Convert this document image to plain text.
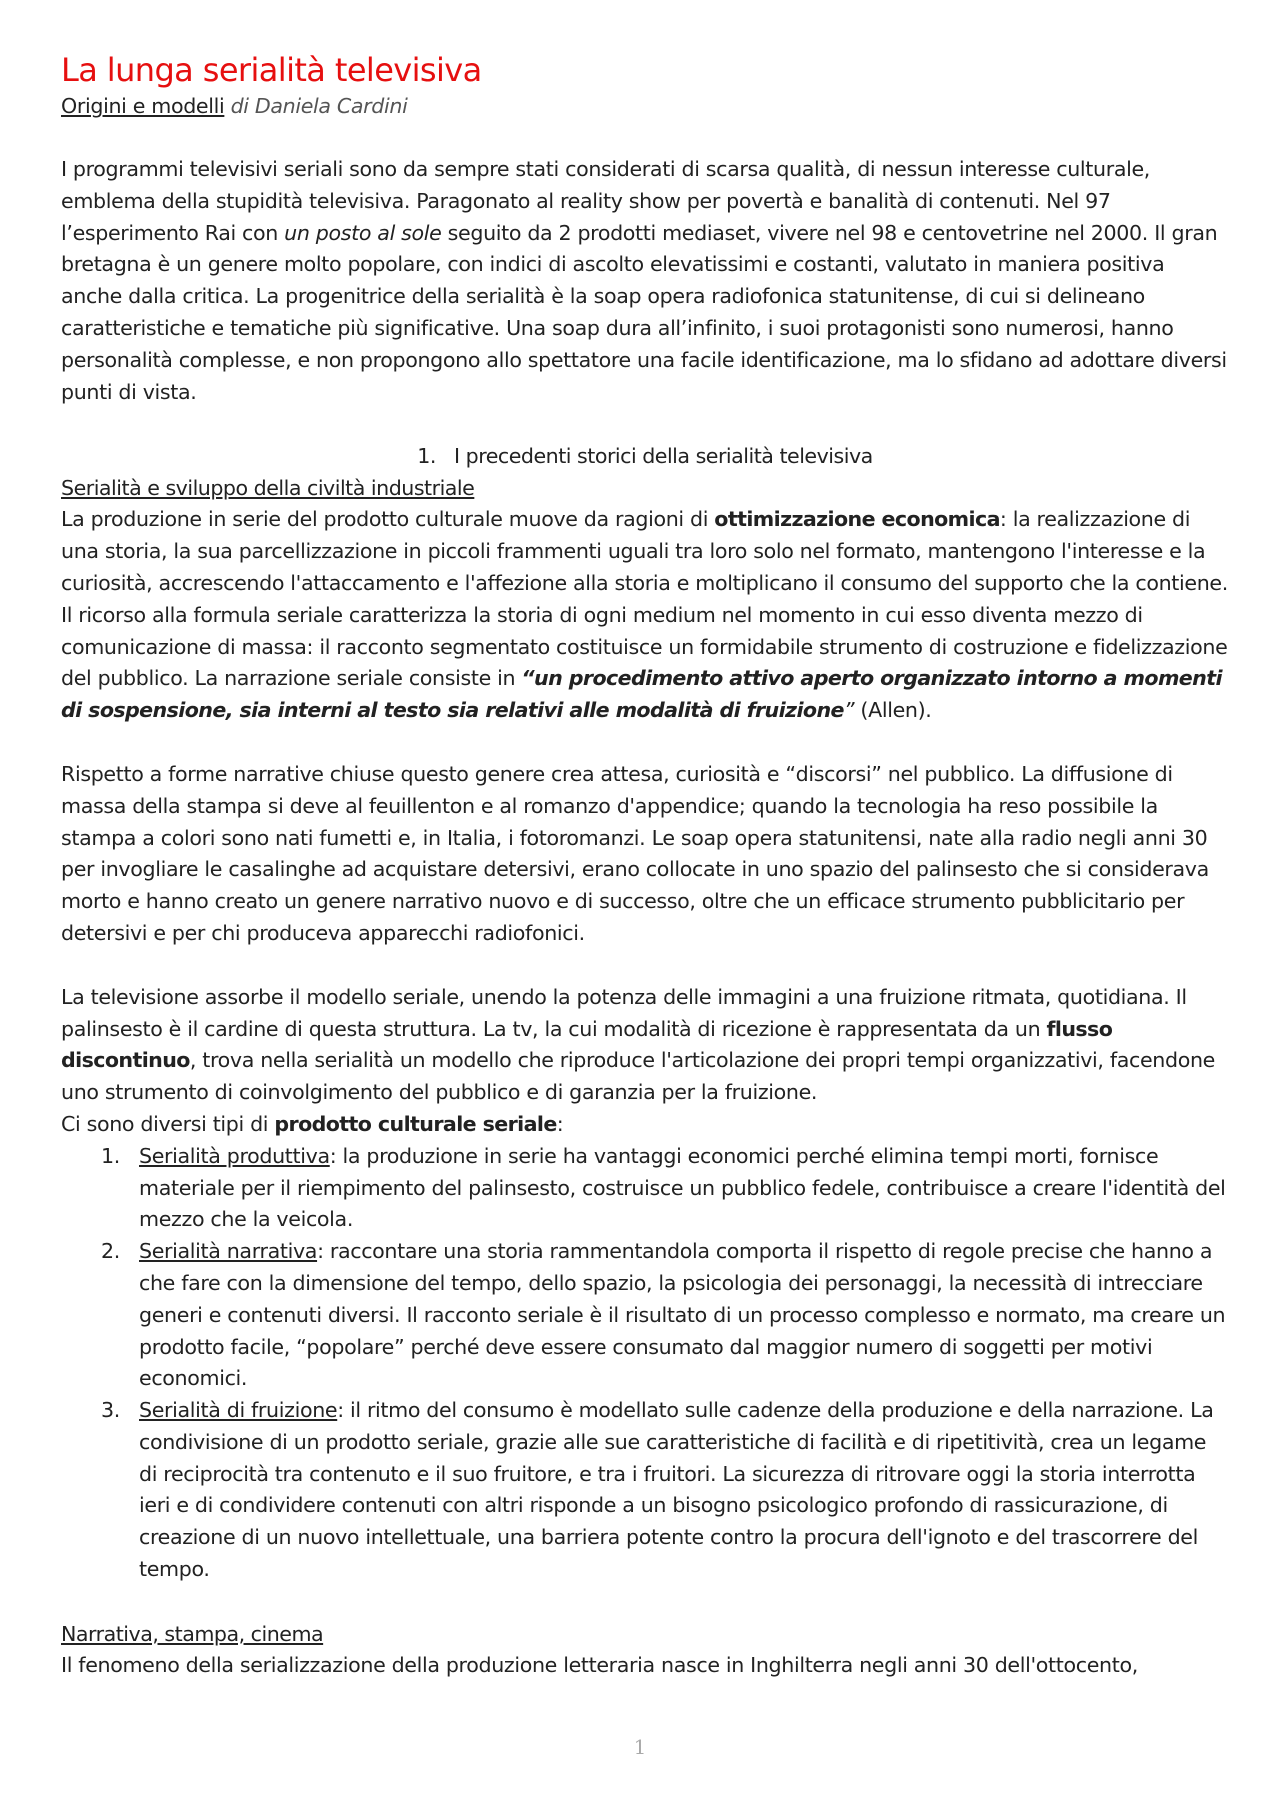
La lunga serialità televisiva

Origini e modelli di Daniela Cardini

I programmi televisivi seriali sono da sempre stati considerati di scarsa qualità, di nessun interesse culturale, emblema della stupidità televisiva. Paragonato al reality show per povertà e banalità di contenuti. Nel 97 l’esperimento Rai con un posto al sole seguito da 2 prodotti mediaset, vivere nel 98 e centovetrine nel 2000. Il gran bretagna è un genere molto popolare, con indici di ascolto elevatissimi e costanti, valutato in maniera positiva anche dalla critica. La progenitrice della serialità è la soap opera radiofonica statunitense, di cui si delineano caratteristiche e tematiche più significative. Una soap dura all’infinito, i suoi protagonisti sono numerosi, hanno personalità complesse, e non propongono allo spettatore una facile identificazione, ma lo sfidano ad adottare diversi punti di vista.

1. I precedenti storici della serialità televisiva

Serialità e sviluppo della civiltà industriale

La produzione in serie del prodotto culturale muove da ragioni di ottimizzazione economica: la realizzazione di una storia, la sua parcellizzazione in piccoli frammenti uguali tra loro solo nel formato, mantengono l'interesse e la curiosità, accrescendo l'attaccamento e l'affezione alla storia e moltiplicano il consumo del supporto che la contiene.

Il ricorso alla formula seriale caratterizza la storia di ogni medium nel momento in cui esso diventa mezzo di comunicazione di massa: il racconto segmentato costituisce un formidabile strumento di costruzione e fidelizzazione del pubblico. La narrazione seriale consiste in “un procedimento attivo aperto organizzato intorno a momenti di sospensione, sia interni al testo sia relativi alle modalità di fruizione” (Allen).

Rispetto a forme narrative chiuse questo genere crea attesa, curiosità e “discorsi” nel pubblico. La diffusione di massa della stampa si deve al feuillenton e al romanzo d'appendice; quando la tecnologia ha reso possibile la stampa a colori sono nati fumetti e, in Italia, i fotoromanzi. Le soap opera statunitensi, nate alla radio negli anni 30 per invogliare le casalinghe ad acquistare detersivi, erano collocate in uno spazio del palinsesto che si considerava morto e hanno creato un genere narrativo nuovo e di successo, oltre che un efficace strumento pubblicitario per detersivi e per chi produceva apparecchi radiofonici.

La televisione assorbe il modello seriale, unendo la potenza delle immagini a una fruizione ritmata, quotidiana. Il palinsesto è il cardine di questa struttura. La tv, la cui modalità di ricezione è rappresentata da un flusso discontinuo, trova nella serialità un modello che riproduce l'articolazione dei propri tempi organizzativi, facendone uno strumento di coinvolgimento del pubblico e di garanzia per la fruizione.

Ci sono diversi tipi di prodotto culturale seriale:

1. Serialità produttiva: la produzione in serie ha vantaggi economici perché elimina tempi morti, fornisce materiale per il riempimento del palinsesto, costruisce un pubblico fedele, contribuisce a creare l'identità del mezzo che la veicola.
2. Serialità narrativa: raccontare una storia rammentandola comporta il rispetto di regole precise che hanno a che fare con la dimensione del tempo, dello spazio, la psicologia dei personaggi, la necessità di intrecciare generi e contenuti diversi. Il racconto seriale è il risultato di un processo complesso e normato, ma creare un prodotto facile, “popolare” perché deve essere consumato dal maggior numero di soggetti per motivi economici.
3. Serialità di fruizione: il ritmo del consumo è modellato sulle cadenze della produzione e della narrazione. La condivisione di un prodotto seriale, grazie alle sue caratteristiche di facilità e di ripetitività, crea un legame di reciprocità tra contenuto e il suo fruitore, e tra i fruitori. La sicurezza di ritrovare oggi la storia interrotta ieri e di condividere contenuti con altri risponde a un bisogno psicologico profondo di rassicurazione, di creazione di un nuovo intellettuale, una barriera potente contro la procura dell'ignoto e del trascorrere del tempo.

Narrativa, stampa, cinema

Il fenomeno della serializzazione della produzione letteraria nasce in Inghilterra negli anni 30 dell'ottocento,

1
